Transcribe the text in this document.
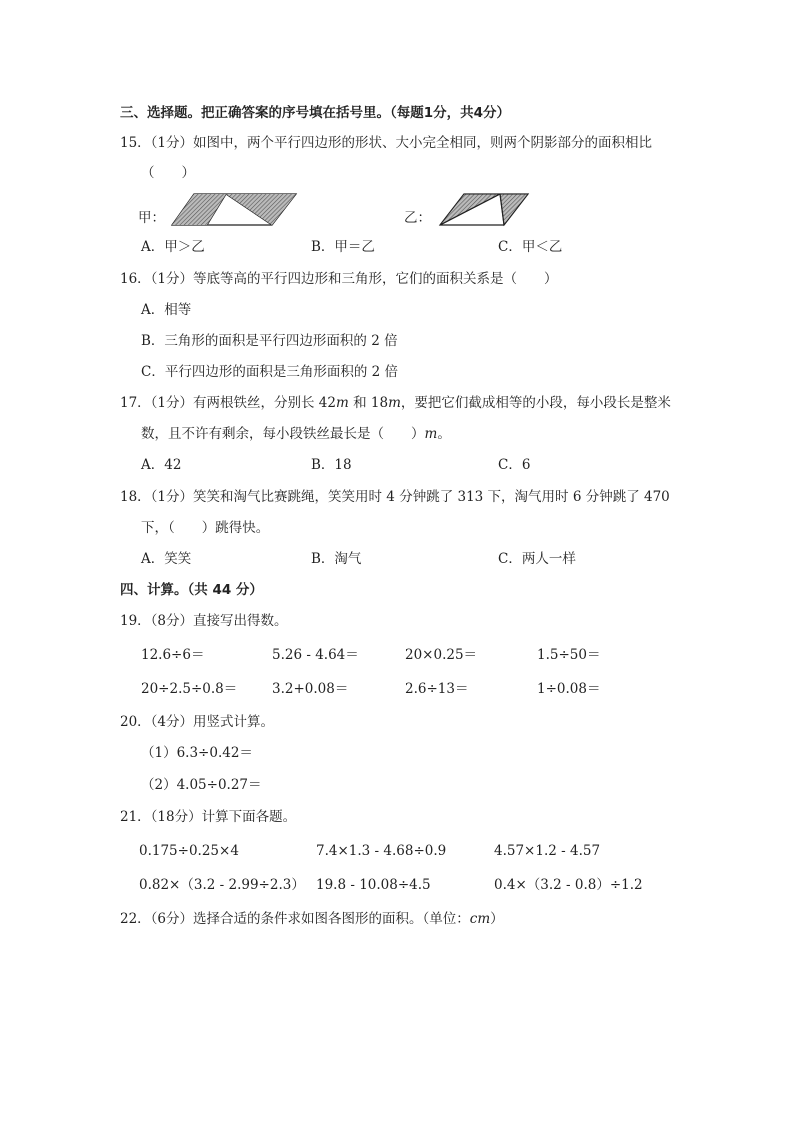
三、选择题。把正确答案的序号填在括号里。（每题1分，共4分）
15．（1分）如图中，两个平行四边形的形状、大小完全相同，则两个阴影部分的面积相比
（　　）
甲：	乙：
A．甲＞乙	B．甲＝乙	C．甲＜乙
16．（1分）等底等高的平行四边形和三角形，它们的面积关系是（　　）
A．相等
B．三角形的面积是平行四边形面积的 2 倍
C．平行四边形的面积是三角形面积的 2 倍
17．（1分）有两根铁丝，分别长 42m 和 18m，要把它们截成相等的小段，每小段长是整米
数，且不许有剩余，每小段铁丝最长是（　　）m。
A．42	B．18	C．6
18．（1分）笑笑和淘气比赛跳绳，笑笑用时 4 分钟跳了 313 下，淘气用时 6 分钟跳了 470
下，（　　）跳得快。
A．笑笑	B．淘气	C．两人一样
四、计算。（共 44 分）
19．（8分）直接写出得数。
12.6÷6＝	5.26 - 4.64＝	20×0.25＝	1.5÷50＝
20÷2.5÷0.8＝	3.2+0.08＝	2.6÷13＝	1÷0.08＝
20．（4分）用竖式计算。
（1）6.3÷0.42＝
（2）4.05÷0.27＝
21．（18分）计算下面各题。
0.175÷0.25×4	7.4×1.3 - 4.68÷0.9	4.57×1.2 - 4.57
0.82×（3.2 - 2.99÷2.3） 19.8 - 10.08÷4.5	0.4×（3.2 - 0.8）÷1.2
22．（6分）选择合适的条件求如图各图形的面积。（单位：cm）
